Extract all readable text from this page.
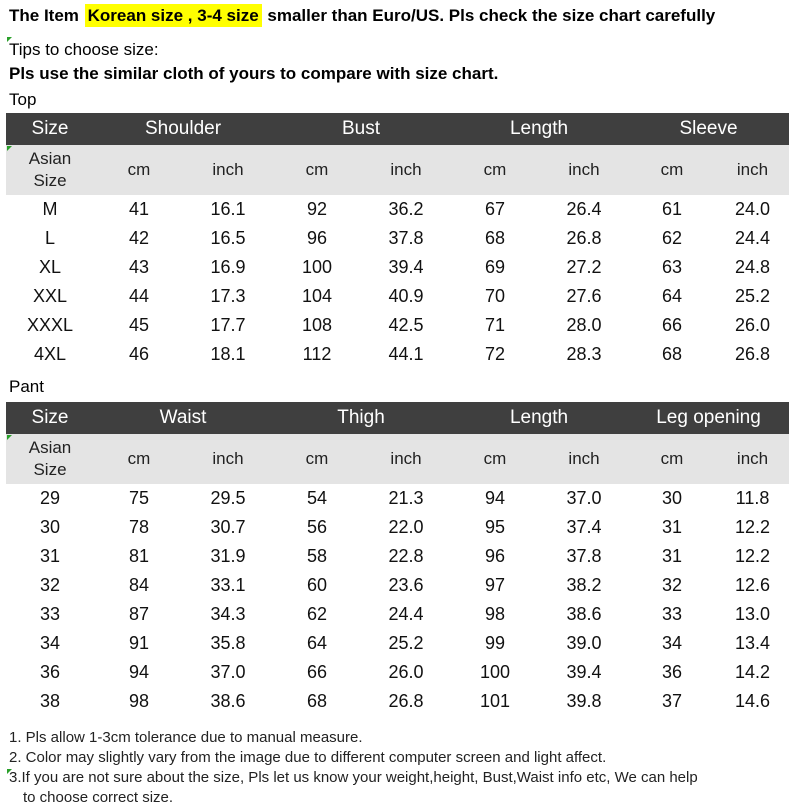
The Item Korean size , 3-4 size smaller than Euro/US. Pls check the size chart carefully
Tips to choose size:
Pls use the similar cloth of yours to compare with size chart.
Top
Size	Shoulder		Bust		Length		Sleeve	
Asian
Size	cm	inch	cm	inch	cm	inch	cm	inch
M	41	16.1	92	36.2	67	26.4	61	24.0
L	42	16.5	96	37.8	68	26.8	62	24.4
XL	43	16.9	100	39.4	69	27.2	63	24.8
XXL	44	17.3	104	40.9	70	27.6	64	25.2
XXXL	45	17.7	108	42.5	71	28.0	66	26.0
4XL	46	18.1	112	44.1	72	28.3	68	26.8
Pant
Size	Waist		Thigh		Length		Leg opening	
Asian
Size	cm	inch	cm	inch	cm	inch	cm	inch
29	75	29.5	54	21.3	94	37.0	30	11.8
30	78	30.7	56	22.0	95	37.4	31	12.2
31	81	31.9	58	22.8	96	37.8	31	12.2
32	84	33.1	60	23.6	97	38.2	32	12.6
33	87	34.3	62	24.4	98	38.6	33	13.0
34	91	35.8	64	25.2	99	39.0	34	13.4
36	94	37.0	66	26.0	100	39.4	36	14.2
38	98	38.6	68	26.8	101	39.8	37	14.6
1. Pls allow 1-3cm tolerance due to manual measure.
2. Color may slightly vary from the image due to different computer screen and light affect.
3.If you are not sure about the size, Pls let us know your weight,height, Bust,Waist info etc, We can help
to choose correct size.
